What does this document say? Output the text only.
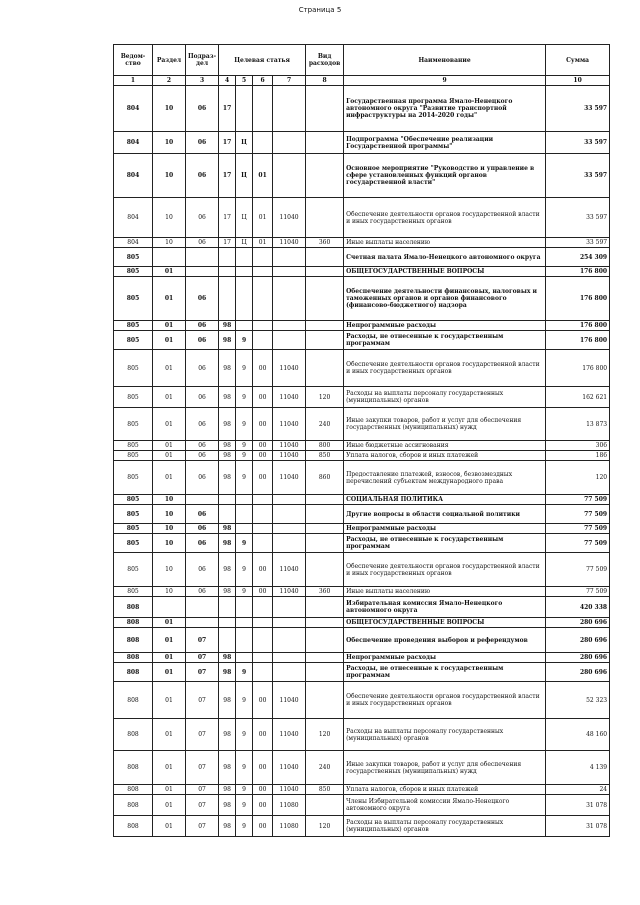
Страница 5
Ведом-ство	Раздел	Подраз-дел	Целевая статья				Вид расходов	Наименование	Сумма
1	2	3	4	5	6	7	8	9	10
804	10	06	17					Государственная программа Ямало-Ненецкого автономного округа "Развитие транспортной инфраструктуры на 2014-2020 годы"	33 597
804	10	06	17	Ц				Подпрограмма "Обеспечение реализации Государственной программы"	33 597
804	10	06	17	Ц	01			Основное мероприятие "Руководство и управление в сфере установленных функций органов государственной власти"	33 597
804	10	06	17	Ц	01	11040		Обеспечение деятельности органов государственной власти и иных государственных органов	33 597
804	10	06	17	Ц	01	11040	360	Иные выплаты населению	33 597
805								Счетная палата Ямало-Ненецкого автономного округа	254 309
805	01							ОБЩЕГОСУДАРСТВЕННЫЕ ВОПРОСЫ	176 800
805	01	06						Обеспечение деятельности финансовых, налоговых и таможенных органов и органов финансового (финансово-бюджетного) надзора	176 800
805	01	06	98					Непрограммные расходы	176 800
805	01	06	98	9				Расходы, не отнесенные к государственным программам	176 800
805	01	06	98	9	00	11040		Обеспечение деятельности органов государственной власти и иных государственных органов	176 800
805	01	06	98	9	00	11040	120	Расходы на выплаты персоналу государственных (муниципальных) органов	162 621
805	01	06	98	9	00	11040	240	Иные закупки товаров, работ и услуг для обеспечения государственных (муниципальных) нужд	13 873
805	01	06	98	9	00	11040	800	Иные бюджетные ассигнования	306
805	01	06	98	9	00	11040	850	Уплата налогов, сборов и иных платежей	186
805	01	06	98	9	00	11040	860	Предоставление платежей, взносов, безвозмездных перечислений субъектам международного права	120
805	10							СОЦИАЛЬНАЯ ПОЛИТИКА	77 509
805	10	06						Другие вопросы в области социальной политики	77 509
805	10	06	98					Непрограммные расходы	77 509
805	10	06	98	9				Расходы, не отнесенные к государственным программам	77 509
805	10	06	98	9	00	11040		Обеспечение деятельности органов государственной власти и иных государственных органов	77 509
805	10	06	98	9	00	11040	360	Иные выплаты населению	77 509
808								Избирательная комиссия Ямало-Ненецкого автономного округа	420 338
808	01							ОБЩЕГОСУДАРСТВЕННЫЕ ВОПРОСЫ	280 696
808	01	07						Обеспечение проведения выборов и референдумов	280 696
808	01	07	98					Непрограммные расходы	280 696
808	01	07	98	9				Расходы, не отнесенные к государственным программам	280 696
808	01	07	98	9	00	11040		Обеспечение деятельности органов государственной власти и иных государственных органов	52 323
808	01	07	98	9	00	11040	120	Расходы на выплаты персоналу государственных (муниципальных) органов	48 160
808	01	07	98	9	00	11040	240	Иные закупки товаров, работ и услуг для обеспечения государственных (муниципальных) нужд	4 139
808	01	07	98	9	00	11040	850	Уплата налогов, сборов и иных платежей	24
808	01	07	98	9	00	11080		Члены Избирательной комиссии Ямало-Ненецкого автономного округа	31 078
808	01	07	98	9	00	11080	120	Расходы на выплаты персоналу государственных (муниципальных) органов	31 078
